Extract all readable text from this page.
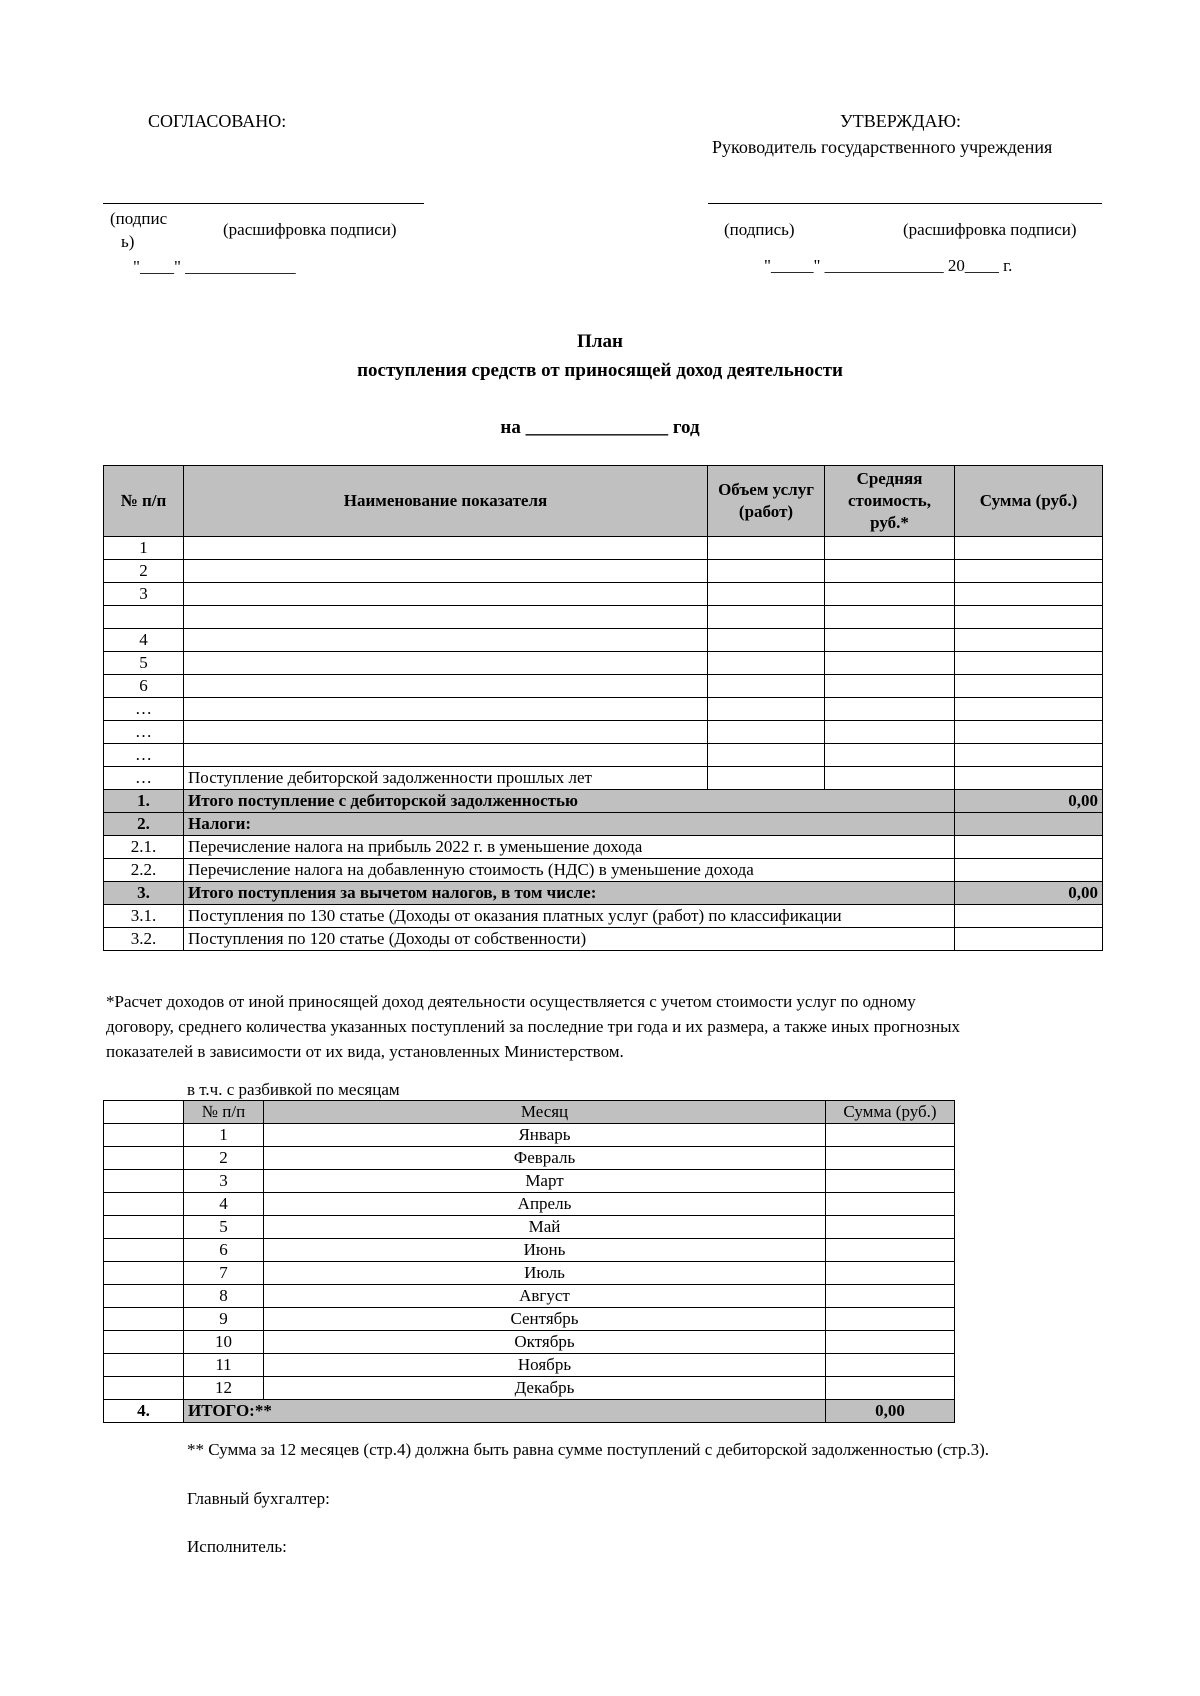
СОГЛАСОВАНО:	УТВЕРЖДАЮ:
Руководитель государственного учреждения
(подпис
ь)
(расшифровка подписи)
"____" _____________
(подпись)	(расшифровка подписи)
"_____" ______________ 20____ г.
План
поступления средств от приносящей доход деятельности
на _______________ год
№ п/п	Наименование показателя	Объем услуг (работ)	Средняя стоимость, руб.*	Сумма (руб.)
1				
2				
3				

4				
5				
6				
…				
…				
…				
…	Поступление дебиторской задолженности прошлых лет			
1.	Итого поступление с дебиторской задолженностью			0,00
2.	Налоги:			
2.1.	Перечисление налога на прибыль 2022 г. в уменьшение дохода			
2.2.	Перечисление налога на добавленную стоимость (НДС) в уменьшение дохода			
3.	Итого поступления за вычетом налогов, в том числе:			0,00
3.1.	Поступления по 130 статье (Доходы от оказания платных услуг (работ) по классификации			
3.2.	Поступления по 120 статье (Доходы от собственности)			
*Расчет доходов от иной приносящей доход деятельности осуществляется с учетом стоимости услуг по одному
договору, среднего количества указанных поступлений за последние три года и их размера, а также иных прогнозных
показателей в зависимости от их вида, установленных Министерством.
в т.ч. с разбивкой по месяцам
	№ п/п	Месяц	Сумма (руб.)
	1	Январь	
	2	Февраль	
	3	Март	
	4	Апрель	
	5	Май	
	6	Июнь	
	7	Июль	
	8	Август	
	9	Сентябрь	
	10	Октябрь	
	11	Ноябрь	
	12	Декабрь	
4.	ИТОГО:**		0,00
** Сумма за 12 месяцев (стр.4) должна быть равна сумме поступлений с дебиторской задолженностью (стр.3).
Главный бухгалтер:
Исполнитель:
